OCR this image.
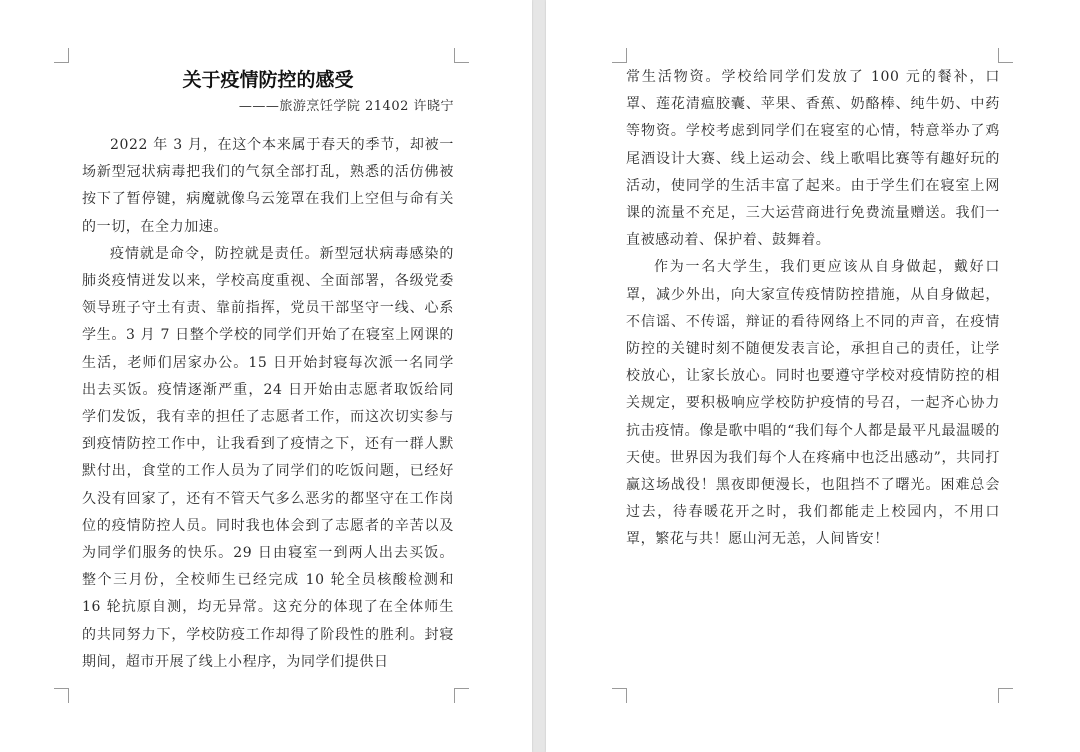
关于疫情防控的感受

———旅游烹饪学院 21402 许晓宁

2022 年 3 月，在这个本来属于春天的季节，却被一场新型冠状病毒把我们的气氛全部打乱，熟悉的活仿佛被按下了暂停键，病魔就像乌云笼罩在我们上空但与命有关的一切，在全力加速。

疫情就是命令，防控就是责任。新型冠状病毒感染的肺炎疫情迸发以来，学校高度重视、全面部署，各级党委领导班子守土有责、靠前指挥，党员干部坚守一线、心系学生。3 月 7 日整个学校的同学们开始了在寝室上网课的生活，老师们居家办公。15 日开始封寝每次派一名同学出去买饭。疫情逐渐严重，24 日开始由志愿者取饭给同学们发饭，我有幸的担任了志愿者工作，而这次切实参与到疫情防控工作中，让我看到了疫情之下，还有一群人默默付出，食堂的工作人员为了同学们的吃饭问题，已经好久没有回家了，还有不管天气多么恶劣的都坚守在工作岗位的疫情防控人员。同时我也体会到了志愿者的辛苦以及为同学们服务的快乐。29 日由寝室一到两人出去买饭。整个三月份，全校师生已经完成 10 轮全员核酸检测和 16 轮抗原自测，均无异常。这充分的体现了在全体师生的共同努力下，学校防疫工作却得了阶段性的胜利。封寝期间，超市开展了线上小程序，为同学们提供日

常生活物资。学校给同学们发放了 100 元的餐补，口罩、莲花清瘟胶囊、苹果、香蕉、奶酪棒、纯牛奶、中药等物资。学校考虑到同学们在寝室的心情，特意举办了鸡尾酒设计大赛、线上运动会、线上歌唱比赛等有趣好玩的活动，使同学的生活丰富了起来。由于学生们在寝室上网课的流量不充足，三大运营商进行免费流量赠送。我们一直被感动着、保护着、鼓舞着。

作为一名大学生，我们更应该从自身做起，戴好口罩，减少外出，向大家宣传疫情防控措施，从自身做起，不信谣、不传谣，辩证的看待网络上不同的声音，在疫情防控的关键时刻不随便发表言论，承担自己的责任，让学校放心，让家长放心。同时也要遵守学校对疫情防控的相关规定，要积极响应学校防护疫情的号召，一起齐心协力抗击疫情。像是歌中唱的“我们每个人都是最平凡最温暖的天使。世界因为我们每个人在疼痛中也泛出感动”，共同打赢这场战役！黑夜即便漫长，也阻挡不了曙光。困难总会过去，待春暖花开之时，我们都能走上校园内，不用口罩，繁花与共！愿山河无恙，人间皆安！
